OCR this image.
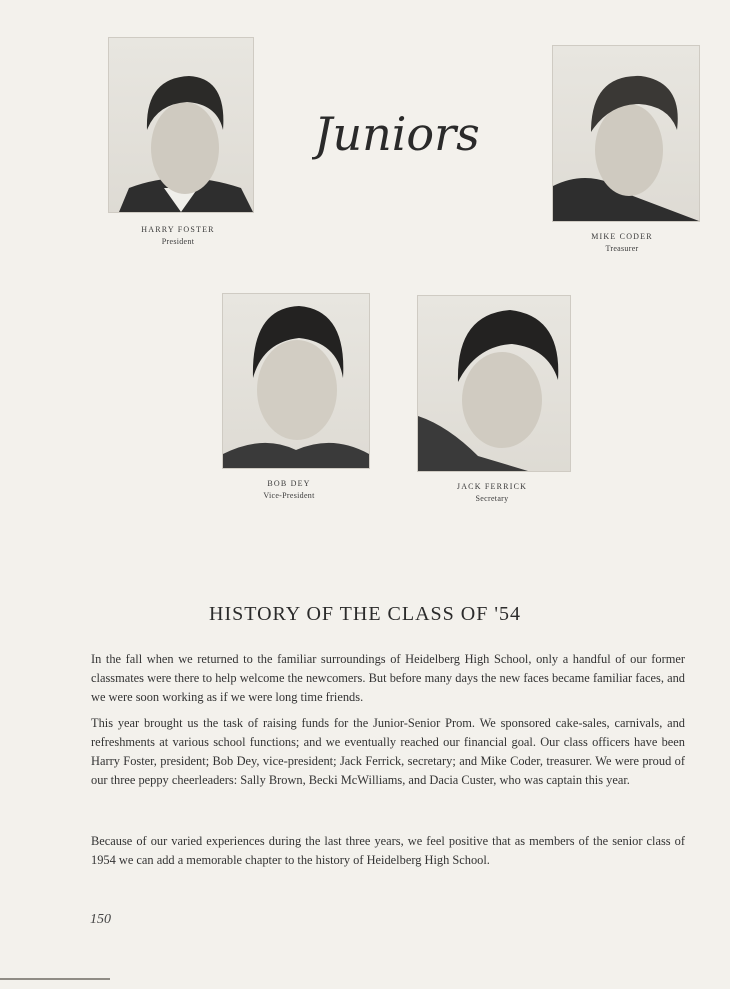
Juniors
HARRY FOSTER
President
MIKE CODER
Treasurer
BOB DEY
Vice-President
JACK FERRICK
Secretary
HISTORY OF THE CLASS OF '54

In the fall when we returned to the familiar surroundings of Heidelberg High School, only a handful of our former classmates were there to help welcome the newcomers. But before many days the new faces became familiar faces, and we were soon working as if we were long time friends.

This year brought us the task of raising funds for the Junior-Senior Prom. We sponsored cake-sales, carnivals, and refreshments at various school functions; and we eventually reached our financial goal. Our class officers have been Harry Foster, president; Bob Dey, vice-president; Jack Ferrick, secretary; and Mike Coder, treasurer. We were proud of our three peppy cheerleaders: Sally Brown, Becki McWilliams, and Dacia Custer, who was captain this year.

Because of our varied experiences during the last three years, we feel positive that as members of the senior class of 1954 we can add a memorable chapter to the history of Heidelberg High School.

150
